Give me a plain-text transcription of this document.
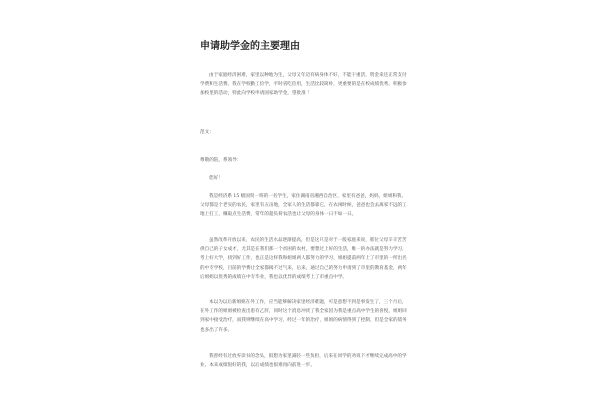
申请助学金的主要理由

由于家庭经济困难，家里以种地为生，父母又年迈有病身体不好，不能干重活，资金来还正常支付学费和生活费。我在学校勤工俭学，平时省吃俭用，生活比较简朴，更重要的是在校成绩优秀，积极参加校里的活动，特此向学校申请国家助学金，望批准 ！

范文：

尊敬的院，系领导：

您好！

我是经济系 15 级国贸一班的一名学生，家住湖南省湘西自治区，家里有爸爸，妈妈，姐姐和我，父母都是个老实的农民，家里有五亩地，全家人的生活都靠它，在农闲时候，爸爸也会去离家不远的工地上打工，赚取点生活费，常年的超负荷农活也让父母的身体一日不如一日。

虽然改革开放以来，农民的生活水品逐渐提高，但是这只是对于一般家庭来说，那位父母辛辛苦苦供自己的子女成才，尤其是在我们那一个贫困的农村，要想过上好的生活，唯一的办法就是努力学习，考上好大学，找到好工作，也正是这样我和姐姐两人都努力的学习，姐姐提前两年上了市里的一所出名的中专学校，目前的学费让全家都揭不过气来，后来，通过自己的努力申请到了市里的教育基金，两年后姐姐以优秀的成绩在中专毕业，我也以优异的成绩考上了市重点中学。

本以为以后新姐姐在外工作，应当能够解决家里经济难题，可是意想不到是事发生了，三个月后，在外工作的姐姐被检查出患有乙肝，同时这个消息冲淡了我全家因为我是重点高中学生的喜悦，姐姐回到家中接受治疗，而我则继续在高中学习，经过一年的治疗，姐姐的病情得到了控制，但是全家的债务也多出了许多。

我曾经有过放弃读书的念头，很想为家里减轻一些负担，后来在同学的劝说下才继续完成高中的学业，本来成绩很好的我，以后成绩也很难再向前进一步。
